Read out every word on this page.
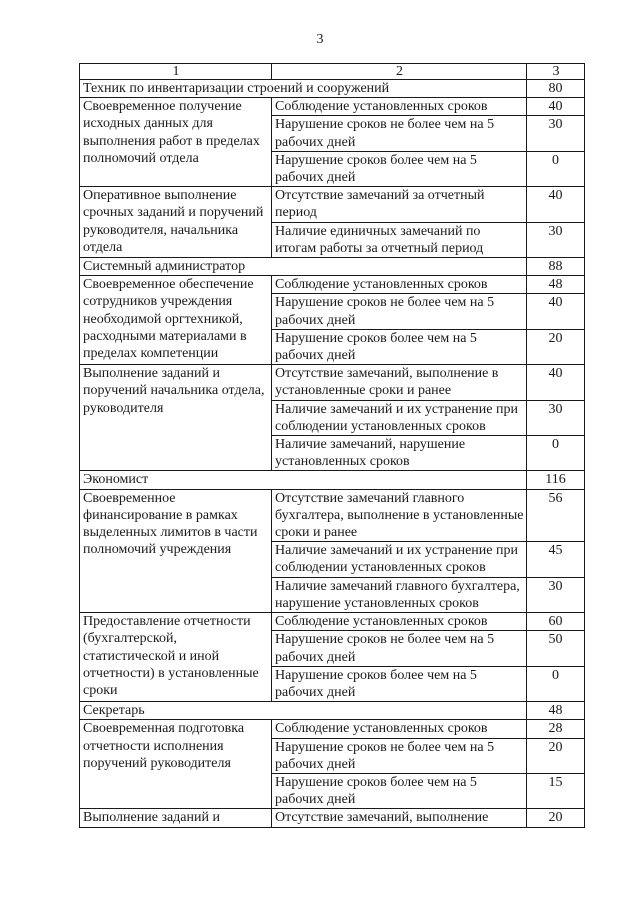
3
1	2	3
Техник по инвентаризации строений и сооружений		80
Своевременное получение исходных данных для выполнения работ в пределах полномочий отдела	Соблюдение установленных сроков	40
	Нарушение сроков не более чем на 5 рабочих дней	30
	Нарушение сроков более чем на 5 рабочих дней	0
Оперативное выполнение срочных заданий и поручений руководителя, начальника отдела	Отсутствие замечаний за отчетный период	40
	Наличие единичных замечаний по итогам работы за отчетный период	30
Системный администратор		88
Своевременное обеспечение сотрудников учреждения необходимой оргтехникой, расходными материалами в пределах компетенции	Соблюдение установленных сроков	48
	Нарушение сроков не более чем на 5 рабочих дней	40
	Нарушение сроков более чем на 5 рабочих дней	20
Выполнение заданий и поручений начальника отдела, руководителя	Отсутствие замечаний, выполнение в установленные сроки и ранее	40
	Наличие замечаний и их устранение при соблюдении установленных сроков	30
	Наличие замечаний, нарушение установленных сроков	0
Экономист		116
Своевременное финансирование в рамках выделенных лимитов в части полномочий учреждения	Отсутствие замечаний главного бухгалтера, выполнение в установленные сроки и ранее	56
	Наличие замечаний и их устранение при соблюдении установленных сроков	45
	Наличие замечаний главного бухгалтера, нарушение установленных сроков	30
Предоставление отчетности (бухгалтерской, статистической и иной отчетности) в установленные сроки	Соблюдение установленных сроков	60
	Нарушение сроков не более чем на 5 рабочих дней	50
	Нарушение сроков более чем на 5 рабочих дней	0
Секретарь		48
Своевременная подготовка отчетности исполнения поручений руководителя	Соблюдение установленных сроков	28
	Нарушение сроков не более чем на 5 рабочих дней	20
	Нарушение сроков более чем на 5 рабочих дней	15
Выполнение заданий и	Отсутствие замечаний, выполнение	20
